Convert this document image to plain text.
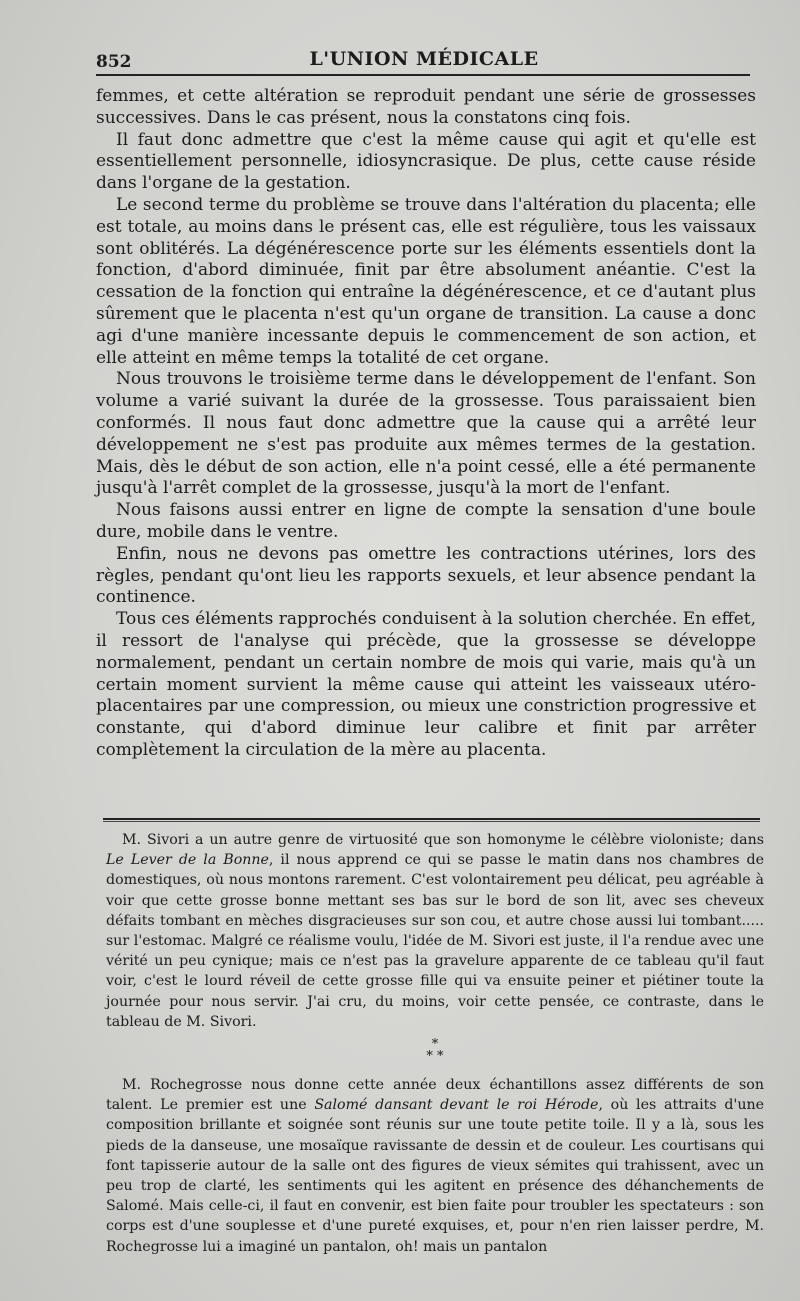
852	L'UNION MÉDICALE

femmes, et cette altération se reproduit pendant une série de grossesses successives. Dans le cas présent, nous la constatons cinq fois.

Il faut donc admettre que c'est la même cause qui agit et qu'elle est essentiellement personnelle, idiosyncrasique. De plus, cette cause réside dans l'organe de la gestation.

Le second terme du problème se trouve dans l'altération du placenta; elle est totale, au moins dans le présent cas, elle est régulière, tous les vaissaux sont oblitérés. La dégénérescence porte sur les éléments essentiels dont la fonction, d'abord diminuée, finit par être absolument anéantie. C'est la cessation de la fonction qui entraîne la dégénérescence, et ce d'autant plus sûrement que le placenta n'est qu'un organe de transition. La cause a donc agi d'une manière incessante depuis le commencement de son action, et elle atteint en même temps la totalité de cet organe.

Nous trouvons le troisième terme dans le développement de l'enfant. Son volume a varié suivant la durée de la grossesse. Tous paraissaient bien conformés. Il nous faut donc admettre que la cause qui a arrêté leur développement ne s'est pas produite aux mêmes termes de la gestation. Mais, dès le début de son action, elle n'a point cessé, elle a été permanente jusqu'à l'arrêt complet de la grossesse, jusqu'à la mort de l'enfant.

Nous faisons aussi entrer en ligne de compte la sensation d'une boule dure, mobile dans le ventre.

Enfin, nous ne devons pas omettre les contractions utérines, lors des règles, pendant qu'ont lieu les rapports sexuels, et leur absence pendant la continence.

Tous ces éléments rapprochés conduisent à la solution cherchée. En effet, il ressort de l'analyse qui précède, que la grossesse se développe normalement, pendant un certain nombre de mois qui varie, mais qu'à un certain moment survient la même cause qui atteint les vaisseaux utéro-placentaires par une compression, ou mieux une constriction progressive et constante, qui d'abord diminue leur calibre et finit par arrêter complètement la circulation de la mère au placenta.

M. Sivori a un autre genre de virtuosité que son homonyme le célèbre violoniste; dans Le Lever de la Bonne, il nous apprend ce qui se passe le matin dans nos chambres de domestiques, où nous montons rarement. C'est volontairement peu délicat, peu agréable à voir que cette grosse bonne mettant ses bas sur le bord de son lit, avec ses cheveux défaits tombant en mèches disgracieuses sur son cou, et autre chose aussi lui tombant..... sur l'estomac. Malgré ce réalisme voulu, l'idée de M. Sivori est juste, il l'a rendue avec une vérité un peu cynique; mais ce n'est pas la gravelure apparente de ce tableau qu'il faut voir, c'est le lourd réveil de cette grosse fille qui va ensuite peiner et piétiner toute la journée pour nous servir. J'ai cru, du moins, voir cette pensée, ce contraste, dans le tableau de M. Sivori.

*
* *

M. Rochegrosse nous donne cette année deux échantillons assez différents de son talent. Le premier est une Salomé dansant devant le roi Hérode, où les attraits d'une composition brillante et soignée sont réunis sur une toute petite toile. Il y a là, sous les pieds de la danseuse, une mosaïque ravissante de dessin et de couleur. Les courtisans qui font tapisserie autour de la salle ont des figures de vieux sémites qui trahissent, avec un peu trop de clarté, les sentiments qui les agitent en présence des déhanchements de Salomé. Mais celle-ci, il faut en convenir, est bien faite pour troubler les spectateurs : son corps est d'une souplesse et d'une pureté exquises, et, pour n'en rien laisser perdre, M. Rochegrosse lui a imaginé un pantalon, oh! mais un pantalon
